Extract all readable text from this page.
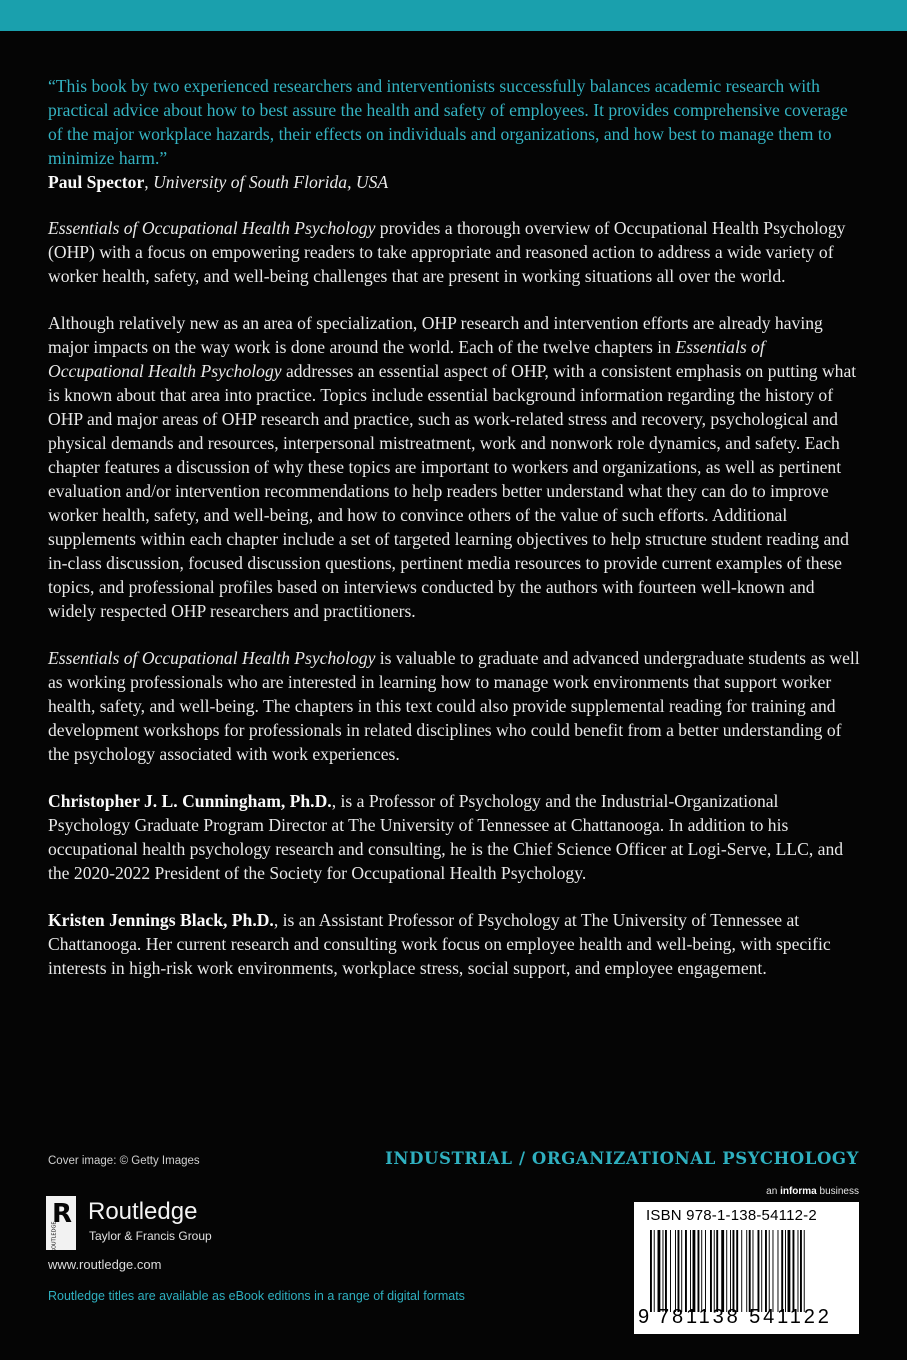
“This book by two experienced researchers and interventionists successfully balances academic research with practical advice about how to best assure the health and safety of employees. It provides comprehensive coverage of the major workplace hazards, their effects on individuals and organizations, and how best to manage them to minimize harm.”

Paul Spector, University of South Florida, USA

Essentials of Occupational Health Psychology provides a thorough overview of Occupational Health Psychology (OHP) with a focus on empowering readers to take appropriate and reasoned action to address a wide variety of worker health, safety, and well-being challenges that are present in working situations all over the world.

Although relatively new as an area of specialization, OHP research and intervention efforts are already having major impacts on the way work is done around the world. Each of the twelve chapters in Essentials of Occupational Health Psychology addresses an essential aspect of OHP, with a consistent emphasis on putting what is known about that area into practice. Topics include essential background information regarding the history of OHP and major areas of OHP research and practice, such as work-related stress and recovery, psychological and physical demands and resources, interpersonal mistreatment, work and nonwork role dynamics, and safety. Each chapter features a discussion of why these topics are important to workers and organizations, as well as pertinent evaluation and/or intervention recommendations to help readers better understand what they can do to improve worker health, safety, and well-being, and how to convince others of the value of such efforts. Additional supplements within each chapter include a set of targeted learning objectives to help structure student reading and in-class discussion, focused discussion questions, pertinent media resources to provide current examples of these topics, and professional profiles based on interviews conducted by the authors with fourteen well-known and widely respected OHP researchers and practitioners.

Essentials of Occupational Health Psychology is valuable to graduate and advanced undergraduate students as well as working professionals who are interested in learning how to manage work environments that support worker health, safety, and well-being. The chapters in this text could also provide supplemental reading for training and development workshops for professionals in related disciplines who could benefit from a better understanding of the psychology associated with work experiences.

Christopher J. L. Cunningham, Ph.D., is a Professor of Psychology and the Industrial-Organizational Psychology Graduate Program Director at The University of Tennessee at Chattanooga. In addition to his occupational health psychology research and consulting, he is the Chief Science Officer at Logi-Serve, LLC, and the 2020-2022 President of the Society for Occupational Health Psychology.

Kristen Jennings Black, Ph.D., is an Assistant Professor of Psychology at The University of Tennessee at Chattanooga. Her current research and consulting work focus on employee health and well-being, with specific interests in high-risk work environments, workplace stress, social support, and employee engagement.

Cover image: © Getty Images	INDUSTRIAL / ORGANIZATIONAL PSYCHOLOGY
R
ROUTLEDGE
Routledge
Taylor & Francis Group
www.routledge.com
Routledge titles are available as eBook editions in a range of digital formats
an informa business
ISBN 978-1-138-54112-2
9 781138 541122
